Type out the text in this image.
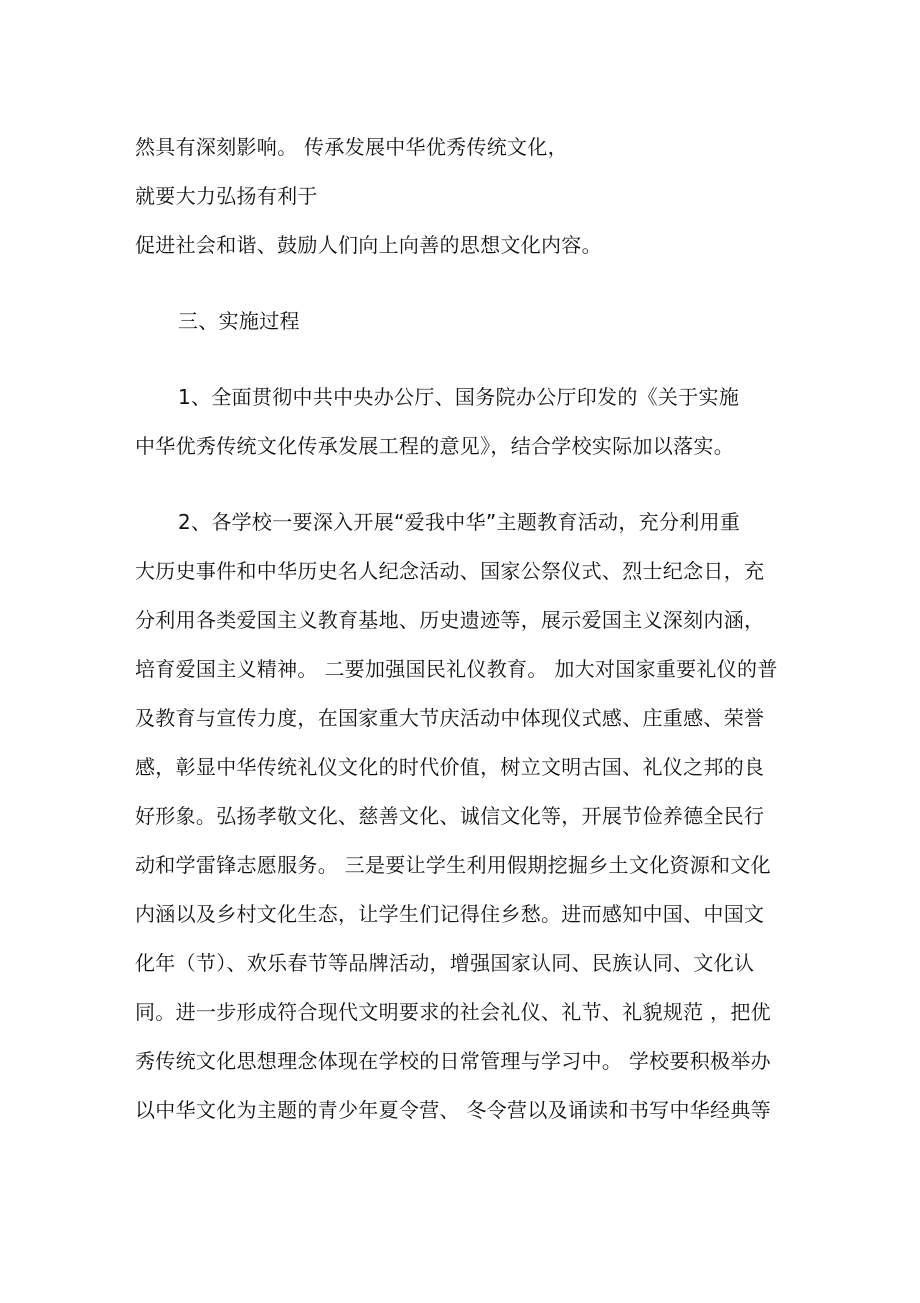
然具有深刻影响。 传承发展中华优秀传统文化，
就要大力弘扬有利于
促进社会和谐、鼓励人们向上向善的思想文化内容。
三、实施过程
1、全面贯彻中共中央办公厅、国务院办公厅印发的《关于实施
中华优秀传统文化传承发展工程的意见》，结合学校实际加以落实。
2、各学校一要深入开展“爱我中华”主题教育活动，充分利用重
大历史事件和中华历史名人纪念活动、国家公祭仪式、烈士纪念日，充
分利用各类爱国主义教育基地、历史遗迹等，展示爱国主义深刻内涵，
培育爱国主义精神。 二要加强国民礼仪教育。 加大对国家重要礼仪的普
及教育与宣传力度，在国家重大节庆活动中体现仪式感、庄重感、荣誉
感，彰显中华传统礼仪文化的时代价值，树立文明古国、礼仪之邦的良
好形象。弘扬孝敬文化、慈善文化、诚信文化等，开展节俭养德全民行
动和学雷锋志愿服务。 三是要让学生利用假期挖掘乡土文化资源和文化
内涵以及乡村文化生态，让学生们记得住乡愁。进而感知中国、中国文
化年（节）、欢乐春节等品牌活动，增强国家认同、民族认同、文化认
同。进一步形成符合现代文明要求的社会礼仪、礼节、礼貌规范 ，把优
秀传统文化思想理念体现在学校的日常管理与学习中。 学校要积极举办
以中华文化为主题的青少年夏令营、 冬令营以及诵读和书写中华经典等
